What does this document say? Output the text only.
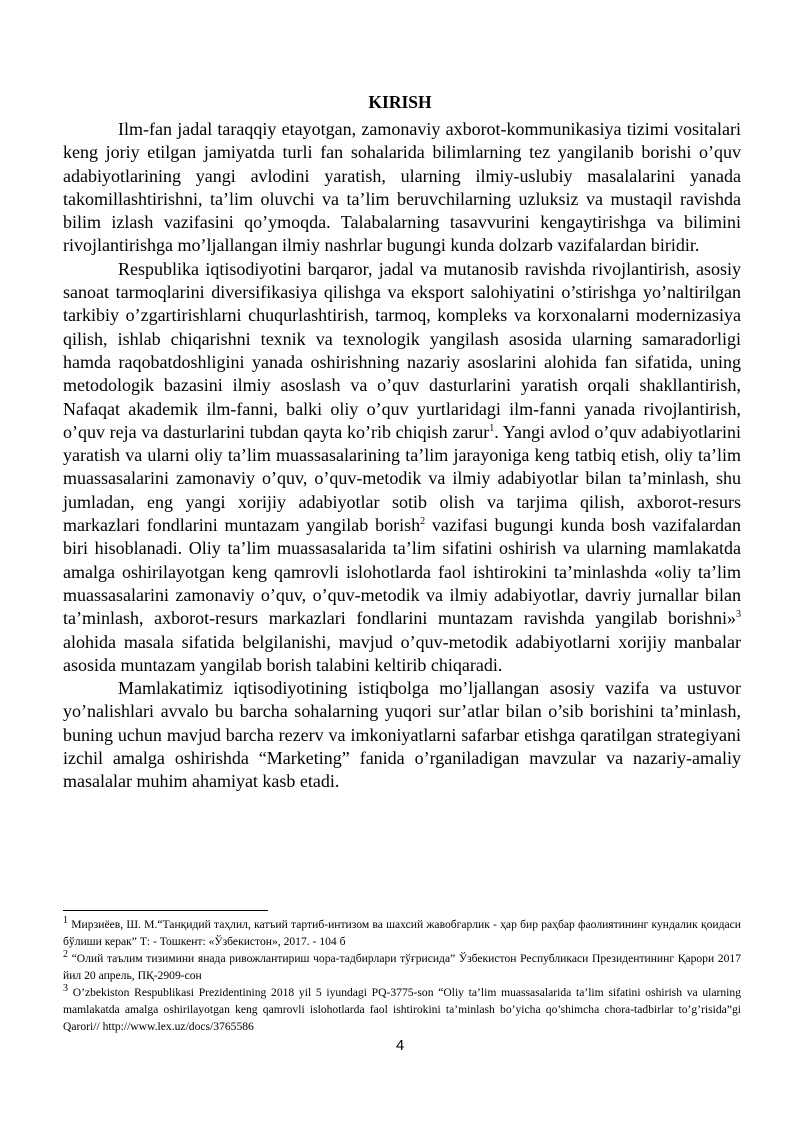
KIRISH

Ilm-fan jadal taraqqiy etayotgan, zamonaviy axborot-kommunikasiya tizimi vositalari keng joriy etilgan jamiyatda turli fan sohalarida bilimlarning tez yangilanib borishi o’quv adabiyotlarining yangi avlodini yaratish, ularning ilmiy-uslubiy masalalarini yanada takomillashtirishni, ta’lim oluvchi va ta’lim beruvchilarning uzluksiz va mustaqil ravishda bilim izlash vazifasini qo’ymoqda. Talabalarning tasavvurini kengaytirishga va bilimini rivojlantirishga mo’ljallangan ilmiy nashrlar bugungi kunda dolzarb vazifalardan biridir.

Respublika iqtisodiyotini barqaror, jadal va mutanosib ravishda rivojlantirish, asosiy sanoat tarmoqlarini diversifikasiya qilishga va eksport salohiyatini o’stirishga yo’naltirilgan tarkibiy o’zgartirishlarni chuqurlashtirish, tarmoq, kompleks va korxonalarni modernizasiya qilish, ishlab chiqarishni texnik va texnologik yangilash asosida ularning samaradorligi hamda raqobatdoshligini yanada oshirishning nazariy asoslarini alohida fan sifatida, uning metodologik bazasini ilmiy asoslash va o’quv dasturlarini yaratish orqali shakllantirish, Nafaqat akademik ilm-fanni, balki oliy o’quv yurtlaridagi ilm-fanni yanada rivojlantirish, o’quv reja va dasturlarini tubdan qayta ko’rib chiqish zarur$^1$. Yangi avlod o’quv adabiyotlarini yaratish va ularni oliy ta’lim muassasalarining ta’lim jarayoniga keng tatbiq etish, oliy ta’lim muassasalarini zamonaviy o’quv, o’quv-metodik va ilmiy adabiyotlar bilan ta’minlash, shu jumladan, eng yangi xorijiy adabiyotlar sotib olish va tarjima qilish, axborot-resurs markazlari fondlarini muntazam yangilab borish$^2$ vazifasi bugungi kunda bosh vazifalardan biri hisoblanadi. Oliy ta’lim muassasalarida ta’lim sifatini oshirish va ularning mamlakatda amalga oshirilayotgan keng qamrovli islohotlarda faol ishtirokini ta’minlashda «oliy ta’lim muassasalarini zamonaviy o’quv, o’quv-metodik va ilmiy adabiyotlar, davriy jurnallar bilan ta’minlash, axborot-resurs markazlari fondlarini muntazam ravishda yangilab borishni»$^3$ alohida masala sifatida belgilanishi, mavjud o’quv-metodik adabiyotlarni xorijiy manbalar asosida muntazam yangilab borish talabini keltirib chiqaradi.

Mamlakatimiz iqtisodiyotining istiqbolga mo’ljallangan asosiy vazifa va ustuvor yo’nalishlari avvalo bu barcha sohalarning yuqori sur’atlar bilan o’sib borishini ta’minlash, buning uchun mavjud barcha rezerv va imkoniyatlarni safarbar etishga qaratilgan strategiyani izchil amalga oshirishda “Marketing” fanida o’rganiladigan mavzular va nazariy-amaliy masalalar muhim ahamiyat kasb etadi.

$^1$ Мирзиёев, Ш. М.“Танқидий таҳлил, катъий тартиб-интизом ва шахсий жавобгарлик - ҳар бир раҳбар фаолиятининг кундалик қоидаси бўлиши керак” Т: - Тошкент: «Ўзбекистон», 2017. - 104 б

$^2$ “Олий таълим тизимини янада ривожлантириш чора-тадбирлари тўғрисида” Ўзбекистон Республикаси Президентининг Қарори 2017 йил 20 апрель, ПҚ-2909-сон

$^3$ O’zbekiston Respublikasi Prezidentining 2018 yil 5 iyundagi PQ-3775-son “Oliy ta’lim muassasalarida ta’lim sifatini oshirish va ularning mamlakatda amalga oshirilayotgan keng qamrovli islohotlarda faol ishtirokini ta’minlash bo’yicha qo’shimcha chora-tadbirlar to’g’risida”gi Qarori// http://www.lex.uz/docs/3765586

4
